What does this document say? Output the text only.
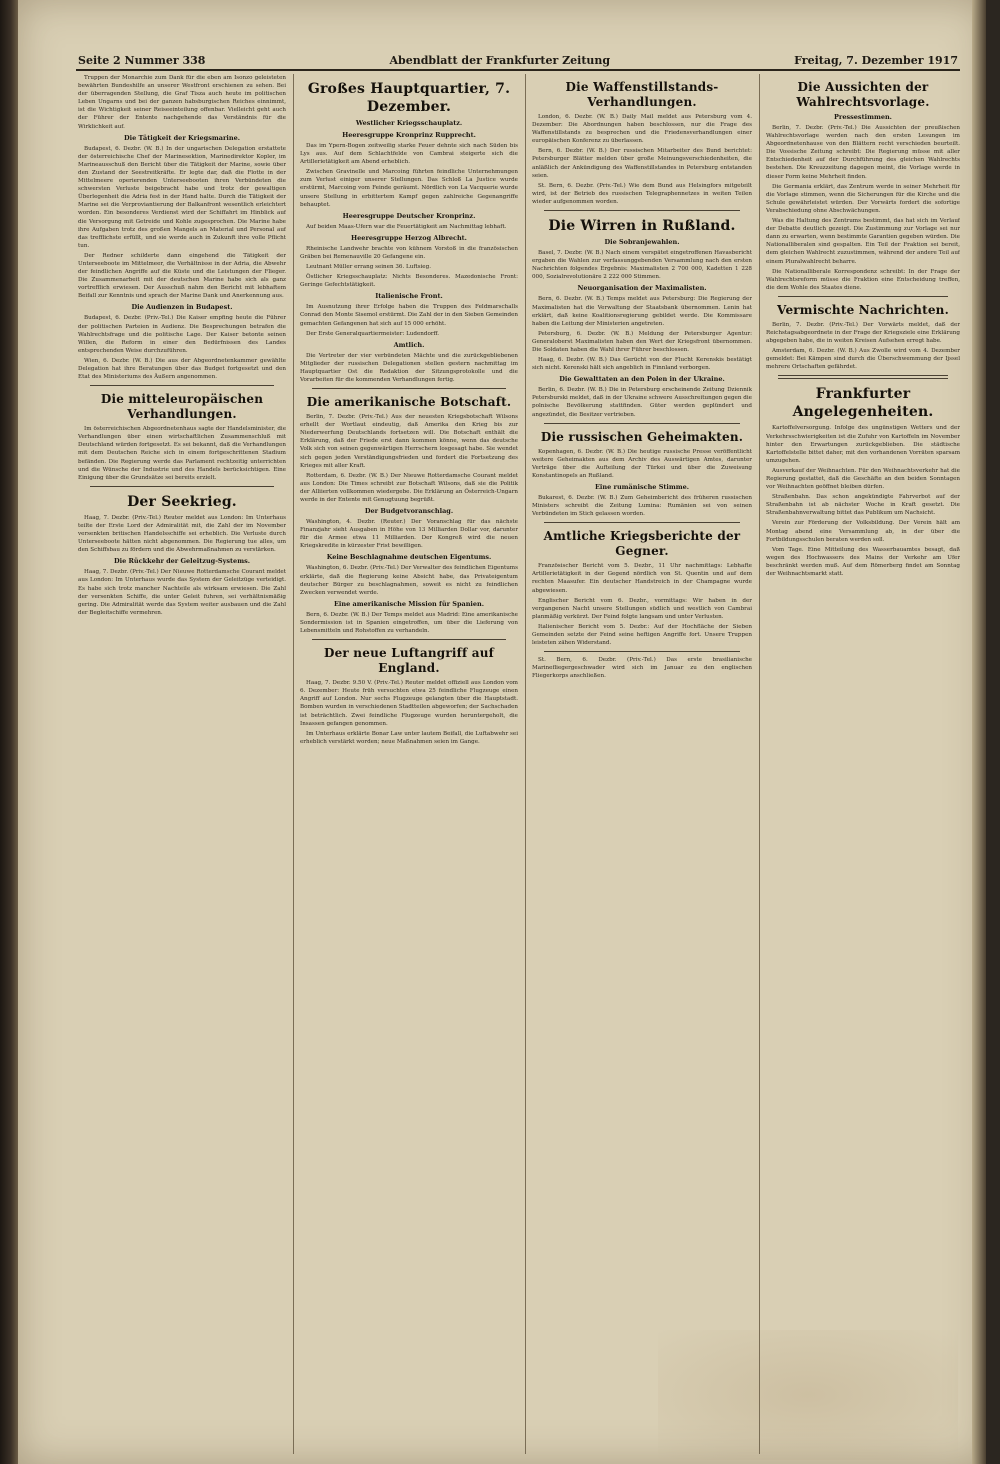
Seite 2 Nummer 338	Abendblatt der Frankfurter Zeitung	Freitag, 7. Dezember 1917

Truppen der Monarchie zum Dank für die eben am Isonzo geleisteten bewährten Bundeshilfe an unserer Westfront erschienen zu sehen. Bei der überragenden Stellung, die Graf Tisza auch heute im politischen Leben Ungarns und bei der ganzen habsburgischen Reiches einnimmt, ist die Wichtigkeit seiner Reiseeinteilung offenbar. Vielleicht geht auch der Führer der Entente nachgehende das Verständnis für die Wirklichkeit auf.

Die Tätigkeit der Kriegsmarine.

Budapest, 6. Dezbr. (W. B.) In der ungarischen Delegation erstattete der österreichische Chef der Marinesektion, Marinedirektor Kopler, im Marineausschuß den Bericht über die Tätigkeit der Marine, sowie über den Zustand der Seestreitkräfte. Er legte dar, daß die Flotte in der Mittelmeere operierenden Unterseebooten ihren Verbündeten die schwersten Verluste beigebracht habe und trotz der gewaltigen Überlegenheit die Adria fest in der Hand halte. Durch die Tätigkeit der Marine sei die Verproviantierung der Balkanfront wesentlich erleichtert worden. Ein besonderes Verdienst wird der Schiffahrt im Hinblick auf die Versorgung mit Getreide und Kohle zugesprochen. Die Marine habe ihre Aufgaben trotz des großen Mangels an Material und Personal auf das trefflichste erfüllt, und sie werde auch in Zukunft ihre volle Pflicht tun.

Der Redner schilderte dann eingehend die Tätigkeit der Unterseeboote im Mittelmeer, die Verhältnisse in der Adria, die Abwehr der feindlichen Angriffe auf die Küste und die Leistungen der Flieger. Die Zusammenarbeit mit der deutschen Marine habe sich als ganz vortrefflich erwiesen. Der Ausschuß nahm den Bericht mit lebhaftem Beifall zur Kenntnis und sprach der Marine Dank und Anerkennung aus.

Die Audienzen in Budapest.

Budapest, 6. Dezbr. (Priv.-Tel.) Die Kaiser empfing heute die Führer der politischen Parteien in Audienz. Die Besprechungen betrafen die Wahlrechtsfrage und die politische Lage. Der Kaiser betonte seinen Willen, die Reform in einer den Bedürfnissen des Landes entsprechenden Weise durchzuführen.

Wien, 6. Dezbr. (W. B.) Die aus der Abgeordnetenkammer gewählte Delegation hat ihre Beratungen über das Budget fortgesetzt und den Etat des Ministeriums des Äußern angenommen.

Die mitteleuropäischen Verhandlungen.

Im österreichischen Abgeordnetenhaus sagte der Handelsminister, die Verhandlungen über einen wirtschaftlichen Zusammenschluß mit Deutschland würden fortgesetzt. Es sei bekannt, daß die Verhandlungen mit dem Deutschen Reiche sich in einem fortgeschrittenen Stadium befänden. Die Regierung werde das Parlament rechtzeitig unterrichten und die Wünsche der Industrie und des Handels berücksichtigen. Eine Einigung über die Grundsätze sei bereits erzielt.

Der Seekrieg.

Haag, 7. Dezbr. (Priv.-Tel.) Reuter meldet aus London: Im Unterhaus teilte der Erste Lord der Admiralität mit, die Zahl der im November versenkten britischen Handelsschiffe sei erheblich. Die Verluste durch Unterseeboote hätten nicht abgenommen. Die Regierung tue alles, um den Schiffsbau zu fördern und die Abwehrmaßnahmen zu verstärken.

Die Rückkehr der Geleitzug-Systems.

Haag, 7. Dezbr. (Priv.-Tel.) Der Nieuwe Rotterdamsche Courant meldet aus London: Im Unterhaus wurde das System der Geleitzüge verteidigt. Es habe sich trotz mancher Nachteile als wirksam erwiesen. Die Zahl der versenkten Schiffe, die unter Geleit fuhren, sei verhältnismäßig gering. Die Admiralität werde das System weiter ausbauen und die Zahl der Begleitschiffe vermehren.

Großes Hauptquartier, 7. Dezember.
Westlicher Kriegsschauplatz.
Heeresgruppe Kronprinz Rupprecht.

Das im Ypern-Bogen zeitweilig starke Feuer dehnte sich nach Süden bis Lys aus. Auf dem Schlachtfelde von Cambrai steigerte sich die Artillerietätigkeit am Abend erheblich.

Zwischen Gravinelle und Marcoing führten feindliche Unternehmungen zum Verlust einiger unserer Stellungen. Das Schloß La Justice wurde erstürmt, Marcoing vom Feinde geräumt. Nördlich von La Vacquerie wurde unsere Stellung in erbittertem Kampf gegen zahlreiche Gegenangriffe behauptet.

Heeresgruppe Deutscher Kronprinz.

Auf beiden Maas-Ufern war die Feuertätigkeit am Nachmittag lebhaft.

Heeresgruppe Herzog Albrecht.

Rheinische Landwehr brachte von kühnem Vorstoß in die französischen Gräben bei Remenauville 20 Gefangene ein.

Leutnant Müller errang seinen 36. Luftsieg.

Östlicher Kriegsschauplatz: Nichts Besonderes. Mazedonische Front: Geringe Gefechtstätigkeit.

Italienische Front.

Im Ausnutzung ihrer Erfolge haben die Truppen des Feldmarschalls Conrad den Monte Sisemol erstürmt. Die Zahl der in den Sieben Gemeinden gemachten Gefangenen hat sich auf 15 000 erhöht.

Der Erste Generalquartiermeister: Ludendorff.

Amtlich.

Die Vertreter der vier verbündeten Mächte und die zurückgebliebenen Mitglieder der russischen Delegationen stellen gestern nachmittag im Hauptquartier Ost die Redaktion der Sitzungsprotokolle und die Vorarbeiten für die kommenden Verhandlungen fertig.

Die amerikanische Botschaft.

Berlin, 7. Dezbr. (Priv.-Tel.) Aus der neuesten Kriegsbotschaft Wilsons erhellt der Wortlaut eindeutig, daß Amerika den Krieg bis zur Niederwerfung Deutschlands fortsetzen will. Die Botschaft enthält die Erklärung, daß der Friede erst dann kommen könne, wenn das deutsche Volk sich von seinen gegenwärtigen Herrschern losgesagt habe. Sie wendet sich gegen jeden Verständigungsfrieden und fordert die Fortsetzung des Krieges mit aller Kraft.

Rotterdam, 6. Dezbr. (W. B.) Der Nieuwe Rotterdamsche Courant meldet aus London: Die Times schreibt zur Botschaft Wilsons, daß sie die Politik der Alliierten vollkommen wiedergebe. Die Erklärung an Österreich-Ungarn werde in der Entente mit Genugtuung begrüßt.

Der Budgetvoranschlag.

Washington, 4. Dezbr. (Reuter.) Der Voranschlag für das nächste Finanzjahr sieht Ausgaben in Höhe von 13 Milliarden Dollar vor, darunter für die Armee etwa 11 Milliarden. Der Kongreß wird die neuen Kriegskredite in kürzester Frist bewilligen.

Keine Beschlagnahme deutschen Eigentums.

Washington, 6. Dezbr. (Priv.-Tel.) Der Verwalter des feindlichen Eigentums erklärte, daß die Regierung keine Absicht habe, das Privateigentum deutscher Bürger zu beschlagnahmen, soweit es nicht zu feindlichen Zwecken verwendet werde.

Eine amerikanische Mission für Spanien.

Bern, 6. Dezbr. (W. B.) Der Temps meldet aus Madrid: Eine amerikanische Sondermission ist in Spanien eingetroffen, um über die Lieferung von Lebensmitteln und Rohstoffen zu verhandeln.

Der neue Luftangriff auf England.

Haag, 7. Dezbr. 9.50 V. (Priv.-Tel.) Reuter meldet offiziell aus London vom 6. Dezember: Heute früh versuchten etwa 25 feindliche Flugzeuge einen Angriff auf London. Nur sechs Flugzeuge gelangten über die Hauptstadt. Bomben wurden in verschiedenen Stadtteilen abgeworfen; der Sachschaden ist beträchtlich. Zwei feindliche Flugzeuge wurden heruntergeholt, die Insassen gefangen genommen.

Im Unterhaus erklärte Bonar Law unter lautem Beifall, die Luftabwehr sei erheblich verstärkt worden; neue Maßnahmen seien im Gange.

Die Waffenstillstands-Verhandlungen.

London, 6. Dezbr. (W. B.) Daily Mail meldet aus Petersburg vom 4. Dezember: Die Abordnungen haben beschlossen, nur die Frage des Waffenstillstands zu besprechen und die Friedensverhandlungen einer europäischen Konferenz zu überlassen.

Bern, 6. Dezbr. (W. B.) Der russischen Mitarbeiter des Bund berichtet: Petersburger Blätter melden über große Meinungsverschiedenheiten, die anläßlich der Ankündigung des Waffenstillstandes in Petersburg entstanden seien.

St. Bern, 6. Dezbr. (Priv.-Tel.) Wie dem Bund aus Helsingfors mitgeteilt wird, ist der Betrieb des russischen Telegraphennetzes in weiten Teilen wieder aufgenommen worden.

Die Wirren in Rußland.
Die Sobranjewahlen.

Basel, 7. Dezbr. (W. B.) Nach einem verspätet eingetroffenen Havasbericht ergaben die Wahlen zur verfassunggebenden Versammlung nach den ersten Nachrichten folgendes Ergebnis: Maximalisten 2 700 000, Kadetten 1 228 000, Sozialrevolutionäre 2 222 000 Stimmen.

Neuorganisation der Maximalisten.

Bern, 6. Dezbr. (W. B.) Temps meldet aus Petersburg: Die Regierung der Maximalisten hat die Verwaltung der Staatsbank übernommen. Lenin hat erklärt, daß keine Koalitionsregierung gebildet werde. Die Kommissare haben die Leitung der Ministerien angetreten.

Petersburg, 6. Dezbr. (W. B.) Meldung der Petersburger Agentur: Generaloberst Maximalisten haben den Wert der Kriegsfront übernommen. Die Soldaten haben die Wahl ihrer Führer beschlossen.

Haag, 6. Dezbr. (W. B.) Das Gerücht von der Flucht Kerenskis bestätigt sich nicht. Kerenski hält sich angeblich in Finnland verborgen.

Die Gewalttaten an den Polen in der Ukraine.

Berlin, 6. Dezbr. (W. B.) Die in Petersburg erscheinende Zeitung Dziennik Petersburski meldet, daß in der Ukraine schwere Ausschreitungen gegen die polnische Bevölkerung stattfinden. Güter werden geplündert und angezündet, die Besitzer vertrieben.

Die russischen Geheimakten.

Kopenhagen, 6. Dezbr. (W. B.) Die heutige russische Presse veröffentlicht weitere Geheimakten aus dem Archiv des Auswärtigen Amtes, darunter Verträge über die Aufteilung der Türkei und über die Zuweisung Konstantinopels an Rußland.

Eine rumänische Stimme.

Bukarest, 6. Dezbr. (W. B.) Zum Geheimbericht des früheren russischen Ministers schreibt die Zeitung Lumina: Rumänien sei von seinen Verbündeten im Stich gelassen worden.

Amtliche Kriegsberichte der Gegner.

Französischer Bericht vom 5. Dezbr., 11 Uhr nachmittags: Lebhafte Artillerietätigkeit in der Gegend nördlich von St. Quentin und auf dem rechten Maasufer. Ein deutscher Handstreich in der Champagne wurde abgewiesen.

Englischer Bericht vom 6. Dezbr., vormittags: Wir haben in der vergangenen Nacht unsere Stellungen südlich und westlich von Cambrai planmäßig verkürzt. Der Feind folgte langsam und unter Verlusten.

Italienischer Bericht vom 5. Dezbr.: Auf der Hochfläche der Sieben Gemeinden setzte der Feind seine heftigen Angriffe fort. Unsere Truppen leisteten zähen Widerstand.

St. Bern, 6. Dezbr. (Priv.-Tel.) Das erste brasilianische Marinefliegergeschwader wird sich im Januar zu den englischen Fliegerkorps anschließen.

Die Aussichten der Wahlrechtsvorlage.
Pressestimmen.

Berlin, 7. Dezbr. (Priv.-Tel.) Die Aussichten der preußischen Wahlrechtsvorlage werden nach den ersten Lesungen im Abgeordnetenhause von den Blättern recht verschieden beurteilt. Die Vossische Zeitung schreibt: Die Regierung müsse mit aller Entschiedenheit auf der Durchführung des gleichen Wahlrechts bestehen. Die Kreuzzeitung dagegen meint, die Vorlage werde in dieser Form keine Mehrheit finden.

Die Germania erklärt, das Zentrum werde in seiner Mehrheit für die Vorlage stimmen, wenn die Sicherungen für die Kirche und die Schule gewährleistet würden. Der Vorwärts fordert die sofortige Verabschiedung ohne Abschwächungen.

Was die Haltung des Zentrums bestimmt, das hat sich im Verlauf der Debatte deutlich gezeigt. Die Zustimmung zur Vorlage sei nur dann zu erwarten, wenn bestimmte Garantien gegeben würden. Die Nationalliberalen sind gespalten. Ein Teil der Fraktion sei bereit, dem gleichen Wahlrecht zuzustimmen, während der andere Teil auf einem Pluralwahlrecht beharre.

Die Nationalliberale Korrespondenz schreibt: In der Frage der Wahlrechtsreform müsse die Fraktion eine Entscheidung treffen, die dem Wohle des Staates diene.

Vermischte Nachrichten.

Berlin, 7. Dezbr. (Priv.-Tel.) Der Vorwärts meldet, daß der Reichstagsabgeordnete in der Frage der Kriegsziele eine Erklärung abgegeben habe, die in weiten Kreisen Aufsehen erregt habe.

Amsterdam, 6. Dezbr. (W. B.) Aus Zwolle wird vom 4. Dezember gemeldet: Bei Kämpen sind durch die Überschwemmung der Ijssel mehrere Ortschaften gefährdet.

Frankfurter Angelegenheiten.

Kartoffelversorgung. Infolge des ungünstigen Wetters und der Verkehrsschwierigkeiten ist die Zufuhr von Kartoffeln im November hinter den Erwartungen zurückgeblieben. Die städtische Kartoffelstelle bittet daher, mit den vorhandenen Vorräten sparsam umzugehen.

Ausverkauf der Weihnachten. Für den Weihnachtsverkehr hat die Regierung gestattet, daß die Geschäfte an den beiden Sonntagen vor Weihnachten geöffnet bleiben dürfen.

Straßenbahn. Das schon angekündigte Fahrverbot auf der Straßenbahn ist ab nächster Woche in Kraft gesetzt. Die Straßenbahnverwaltung bittet das Publikum um Nachsicht.

Verein zur Förderung der Volksbildung. Der Verein hält am Montag abend eine Versammlung ab, in der über die Fortbildungsschulen beraten werden soll.

Vom Tage. Eine Mitteilung des Wasserbauamtes besagt, daß wegen des Hochwassers des Mains der Verkehr am Ufer beschränkt werden muß. Auf dem Römerberg findet am Sonntag der Weihnachtsmarkt statt.
